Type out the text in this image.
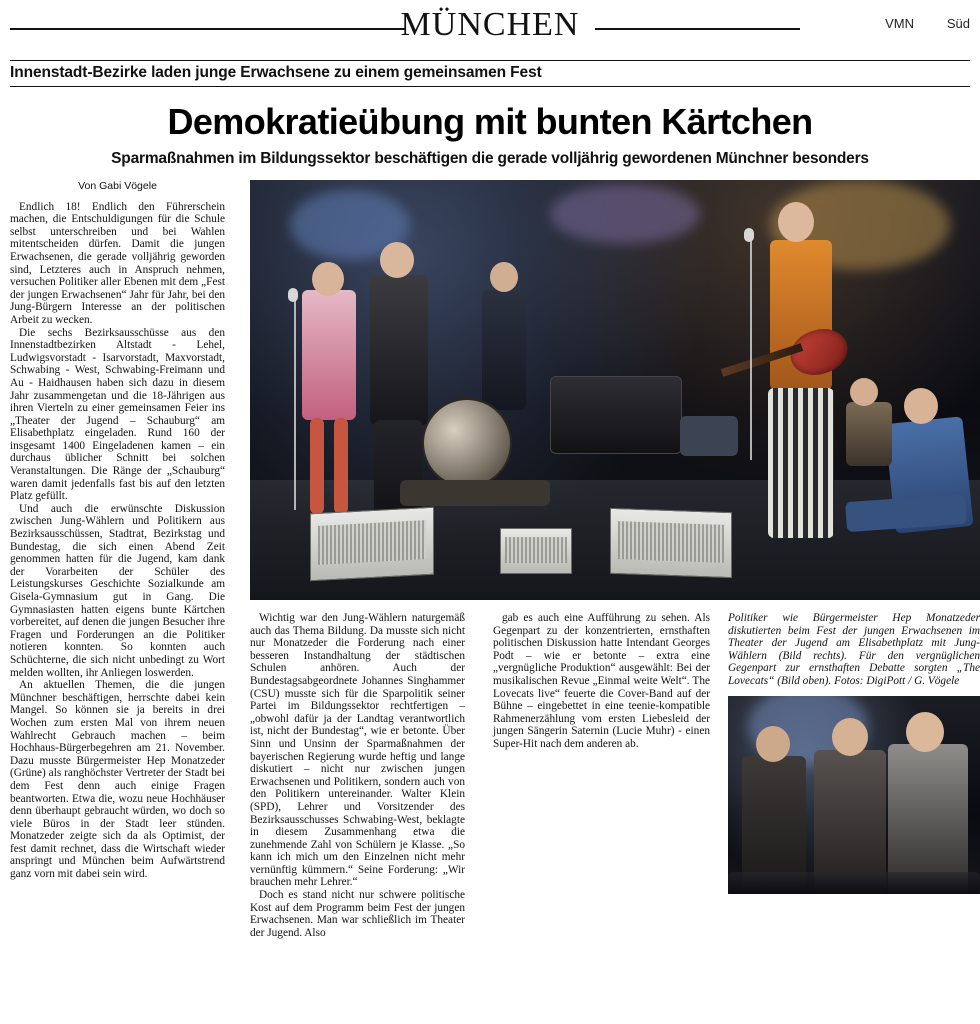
MÜNCHEN	VMN	Süd
Innenstadt-Bezirke laden junge Erwachsene zu einem gemeinsamen Fest
Demokratieübung mit bunten Kärtchen
Sparmaßnahmen im Bildungssektor beschäftigen die gerade volljährig gewordenen Münchner besonders
Von Gabi Vögele

Endlich 18! Endlich den Führerschein machen, die Entschuldigungen für die Schule selbst unterschreiben und bei Wahlen mitentscheiden dürfen. Damit die jungen Erwachsenen, die gerade volljährig geworden sind, Letzteres auch in Anspruch nehmen, versuchen Politiker aller Ebenen mit dem „Fest der jungen Erwachsenen“ Jahr für Jahr, bei den Jung-Bürgern Interesse an der politischen Arbeit zu wecken.

Die sechs Bezirksausschüsse aus den Innenstadtbezirken Altstadt - Lehel, Ludwigsvorstadt - Isarvorstadt, Maxvorstadt, Schwabing - West, Schwabing-Freimann und Au - Haidhausen haben sich dazu in diesem Jahr zusammengetan und die 18-Jährigen aus ihren Vierteln zu einer gemeinsamen Feier ins „Theater der Jugend – Schauburg“ am Elisabethplatz eingeladen. Rund 160 der insgesamt 1400 Eingeladenen kamen – ein durchaus üblicher Schnitt bei solchen Veranstaltungen. Die Ränge der „Schauburg“ waren damit jedenfalls fast bis auf den letzten Platz gefüllt.

Und auch die erwünschte Diskussion zwischen Jung-Wählern und Politikern aus Bezirksausschüssen, Stadtrat, Bezirkstag und Bundestag, die sich einen Abend Zeit genommen hatten für die Jugend, kam dank der Vorarbeiten der Schüler des Leistungskurses Geschichte Sozialkunde am Gisela-Gymnasium gut in Gang. Die Gymnasiasten hatten eigens bunte Kärtchen vorbereitet, auf denen die jungen Besucher ihre Fragen und Forderungen an die Politiker notieren konnten. So konnten auch Schüchterne, die sich nicht unbedingt zu Wort melden wollten, ihr Anliegen loswerden.

An aktuellen Themen, die die jungen Münchner beschäftigen, herrschte dabei kein Mangel. So können sie ja bereits in drei Wochen zum ersten Mal von ihrem neuen Wahlrecht Gebrauch machen – beim Hochhaus-Bürgerbegehren am 21. November. Dazu musste Bürgermeister Hep Monatzeder (Grüne) als ranghöchster Vertreter der Stadt bei dem Fest denn auch einige Fragen beantworten. Etwa die, wozu neue Hochhäuser denn überhaupt gebraucht würden, wo doch so viele Büros in der Stadt leer stünden. Monatzeder zeigte sich da als Optimist, der fest damit rechnet, dass die Wirtschaft wieder anspringt und München beim Aufwärtstrend ganz vorn mit dabei sein wird.

Wichtig war den Jung-Wählern naturgemäß auch das Thema Bildung. Da musste sich nicht nur Monatzeder die Forderung nach einer besseren Instandhaltung der städtischen Schulen anhören. Auch der Bundestagsabgeordnete Johannes Singhammer (CSU) musste sich für die Sparpolitik seiner Partei im Bildungssektor rechtfertigen – „obwohl dafür ja der Landtag verantwortlich ist, nicht der Bundestag“, wie er betonte. Über Sinn und Unsinn der Sparmaßnahmen der bayerischen Regierung wurde heftig und lange diskutiert – nicht nur zwischen jungen Erwachsenen und Politikern, sondern auch von den Politikern untereinander. Walter Klein (SPD), Lehrer und Vorsitzender des Bezirksausschusses Schwabing-West, beklagte in diesem Zusammenhang etwa die zunehmende Zahl von Schülern je Klasse. „So kann ich mich um den Einzelnen nicht mehr vernünftig kümmern.“ Seine Forderung: „Wir brauchen mehr Lehrer.“

Doch es stand nicht nur schwere politische Kost auf dem Programm beim Fest der jungen Erwachsenen. Man war schließlich im Theater der Jugend. Also

gab es auch eine Aufführung zu sehen. Als Gegenpart zu der konzentrierten, ernsthaften politischen Diskussion hatte Intendant Georges Podt – wie er betonte – extra eine „vergnügliche Produktion“ ausgewählt: Bei der musikalischen Revue „Einmal weite Welt“. The Lovecats live“ feuerte die Cover-Band auf der Bühne – eingebettet in eine teenie-kompatible Rahmenerzählung vom ersten Liebesleid der jungen Sängerin Saternin (Lucie Muhr) - einen Super-Hit nach dem anderen ab.

Politiker wie Bürgermeister Hep Monatzeder diskutierten beim Fest der jungen Erwachsenen im Theater der Jugend am Elisabethplatz mit Jung-Wählern (Bild rechts). Für den vergnüglichen Gegenpart zur ernsthaften Debatte sorgten „The Lovecats“ (Bild oben). Fotos: DigiPott / G. Vögele
